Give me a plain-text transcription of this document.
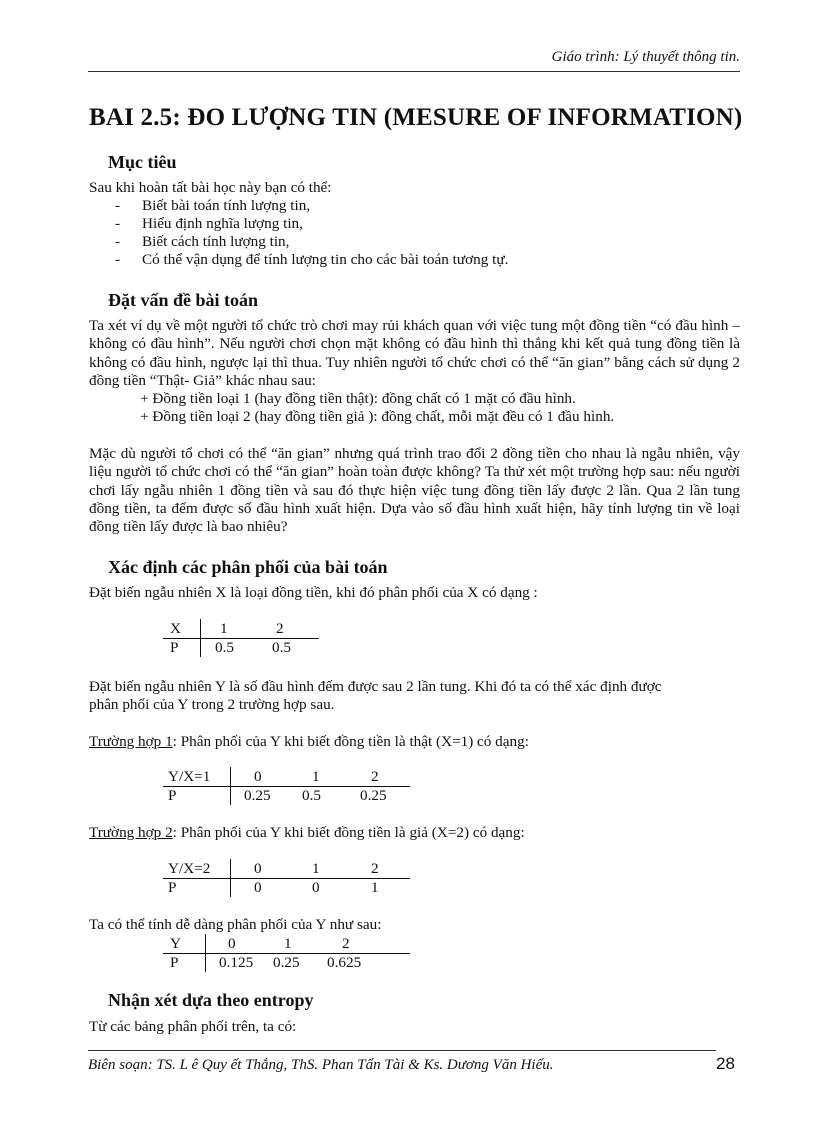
Giáo trình: Lý thuyết thông tin.
BAI 2.5: ĐO LƯỢNG TIN (MESURE OF INFORMATION)
Mục tiêu
Sau khi hoàn tất bài học này bạn có thể:
- Biết bài toán tính lượng tin,
- Hiểu định nghĩa lượng tin,
- Biết cách tính lượng tin,
- Có thể vận dụng để tính lượng tin cho các bài toán tương tự.
Đặt vấn đề bài toán
Ta xét ví dụ về một người tổ chức trò chơi may rủi khách quan với việc tung một đồng tiền “có đầu hình – không có đầu hình”. Nếu người chơi chọn mặt không có đầu hình thì thắng khi kết quả tung đồng tiền là không có đầu hình, ngược lại thì thua. Tuy nhiên người tổ chức chơi có thể “ăn gian” bằng cách sử dụng 2 đồng tiền “Thật- Giả” khác nhau sau:
+ Đồng tiền loại 1 (hay đồng tiền thật): đồng chất có 1 mặt có đầu hình.
+ Đồng tiền loại 2 (hay đồng tiền giả ): đồng chất, mỗi mặt đều có 1 đầu hình.
Mặc dù người tổ chơi có thể “ăn gian” nhưng quá trình trao đổi 2 đồng tiền cho nhau là ngẫu nhiên, vậy liệu người tổ chức chơi có thể “ăn gian” hoàn toàn được không? Ta thử xét một trường hợp sau: nếu người chơi lấy ngẫu nhiên 1 đồng tiền và sau đó thực hiện việc tung đồng tiền lấy được 2 lần. Qua 2 lần tung đồng tiền, ta đếm được số đầu hình xuất hiện. Dựa vào số đầu hình xuất hiện, hãy tính lượng tin về loại đồng tiền lấy được là bao nhiêu?
Xác định các phân phối của bài toán
Đặt biến ngẫu nhiên X là loại đồng tiền, khi đó phân phối của X có dạng :
X	1	2
P 0.5	0.5
Đặt biến ngẫu nhiên Y là số đầu hình đếm được sau 2 lần tung. Khi đó ta có thể xác định được
phân phối của Y trong 2 trường hợp sau.
Trường hợp 1: Phân phối của Y khi biết đồng tiền là thật (X=1) có dạng:
Y/X=1	0	1	2
P	0.25 0.5	0.25
Trường hợp 2: Phân phối của Y khi biết đồng tiền là giả (X=2) có dạng:
Y/X=2	0	1	2
P	0	0	1
Ta có thể tính dễ dàng phân phối của Y như sau:
Y	0	1	2
P	0.125 0.25 0.625
Nhận xét dựa theo entropy
Từ các bảng phân phối trên, ta có:
Biên soạn: TS. L ê Quy ết Thắng, ThS. Phan Tấn Tài & Ks. Dương Văn Hiếu.	28
